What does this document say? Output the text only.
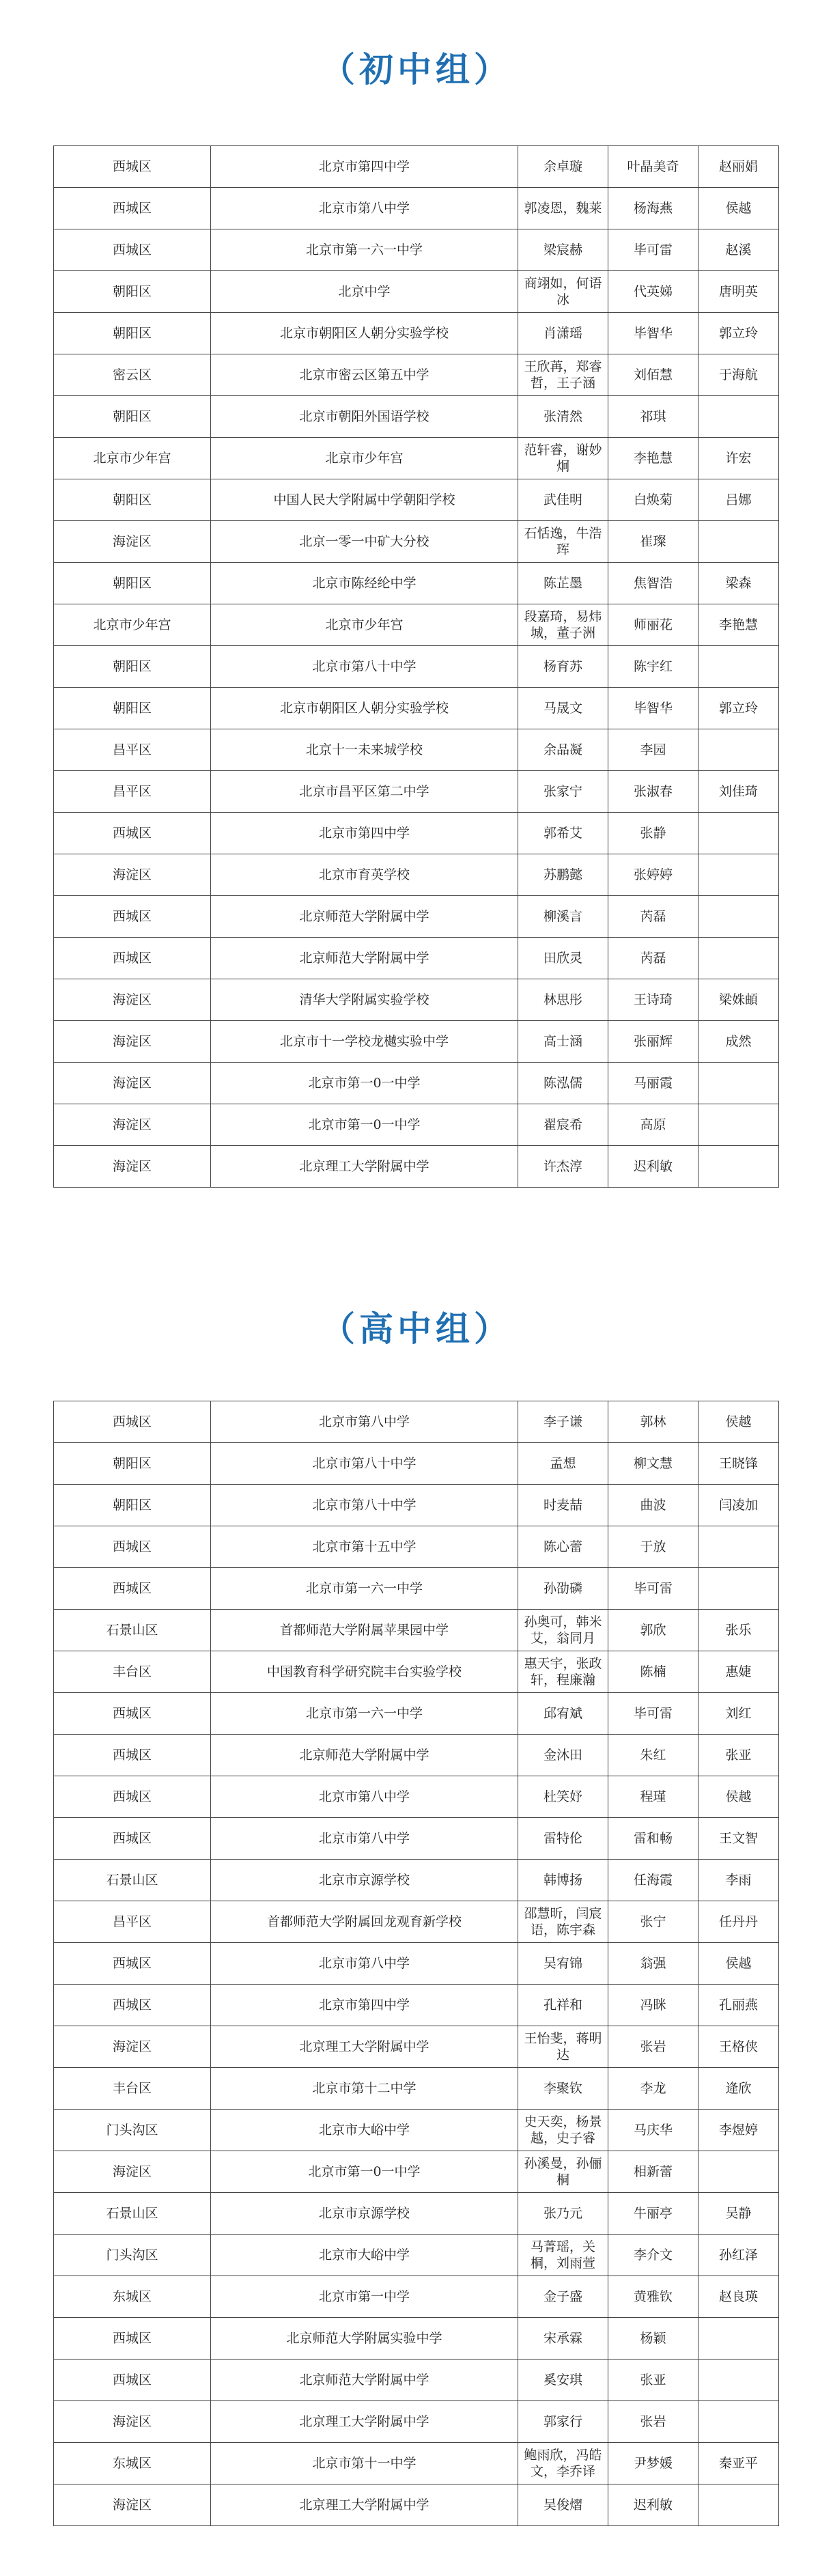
（初中组）
西城区	北京市第四中学	余卓璇	叶晶美奇	赵丽娟
西城区	北京市第八中学	郭凌恩，魏莱	杨海燕	侯越
西城区	北京市第一六一中学	梁宸赫	毕可雷	赵溪
朝阳区	北京中学	商翊如，何语冰	代英娣	唐明英
朝阳区	北京市朝阳区人朝分实验学校	肖潇瑶	毕智华	郭立玲
密云区	北京市密云区第五中学	王欣苒，郑睿哲，王子涵	刘佰慧	于海航
朝阳区	北京市朝阳外国语学校	张清然	祁琪	
北京市少年宫	北京市少年宫	范轩睿，谢妙炯	李艳慧	许宏
朝阳区	中国人民大学附属中学朝阳学校	武佳明	白焕菊	吕娜
海淀区	北京一零一中矿大分校	石恬逸，牛浩珲	崔璨	
朝阳区	北京市陈经纶中学	陈芷墨	焦智浩	梁森
北京市少年宫	北京市少年宫	段嘉琦，易炜城，董子洲	师丽花	李艳慧
朝阳区	北京市第八十中学	杨育苏	陈宇红	
朝阳区	北京市朝阳区人朝分实验学校	马晟文	毕智华	郭立玲
昌平区	北京十一未来城学校	余品凝	李园	
昌平区	北京市昌平区第二中学	张家宁	张淑春	刘佳琦
西城区	北京市第四中学	郭希艾	张静	
海淀区	北京市育英学校	苏鹏懿	张婷婷	
西城区	北京师范大学附属中学	柳溪言	芮磊	
西城区	北京师范大学附属中学	田欣灵	芮磊	
海淀区	清华大学附属实验学校	林思彤	王诗琦	梁姝頔
海淀区	北京市十一学校龙樾实验中学	高士涵	张丽辉	成然
海淀区	北京市第一0一中学	陈泓儒	马丽霞	
海淀区	北京市第一0一中学	翟宸希	高原	
海淀区	北京理工大学附属中学	许杰淳	迟利敏	
（高中组）
西城区	北京市第八中学	李子谦	郭林	侯越
朝阳区	北京市第八十中学	孟想	柳文慧	王晓锋
朝阳区	北京市第八十中学	时麦喆	曲波	闫凌加
西城区	北京市第十五中学	陈心蕾	于放	
西城区	北京市第一六一中学	孙劭磷	毕可雷	
石景山区	首都师范大学附属苹果园中学	孙奥可，韩米艾，翁同月	郭欣	张乐
丰台区	中国教育科学研究院丰台实验学校	惠天宇，张政轩，程廉瀚	陈楠	惠婕
西城区	北京市第一六一中学	邱宥斌	毕可雷	刘红
西城区	北京师范大学附属中学	金沐田	朱红	张亚
西城区	北京市第八中学	杜笑妤	程瑾	侯越
西城区	北京市第八中学	雷特伦	雷和畅	王文智
石景山区	北京市京源学校	韩博扬	任海霞	李雨
昌平区	首都师范大学附属回龙观育新学校	邵慧昕，闫宸语，陈宇森	张宁	任丹丹
西城区	北京市第八中学	吴宥锦	翁强	侯越
西城区	北京市第四中学	孔祥和	冯眯	孔丽燕
海淀区	北京理工大学附属中学	王怡斐，蒋明达	张岩	王格侠
丰台区	北京市第十二中学	李聚钦	李龙	逄欣
门头沟区	北京市大峪中学	史天奕，杨景越，史子睿	马庆华	李煜婷
海淀区	北京市第一0一中学	孙溪曼，孙俪桐	相新蕾	
石景山区	北京市京源学校	张乃元	牛丽亭	吴静
门头沟区	北京市大峪中学	马菁瑶，关桐，刘雨萱	李介文	孙红泽
东城区	北京市第一中学	金子盛	黄雅钦	赵良瑛
西城区	北京师范大学附属实验中学	宋承霖	杨颖	
西城区	北京师范大学附属中学	奚安琪	张亚	
海淀区	北京理工大学附属中学	郭家行	张岩	
东城区	北京市第十一中学	鲍雨欣，冯皓文，李乔译	尹梦媛	秦亚平
海淀区	北京理工大学附属中学	吴俊熠	迟利敏	
